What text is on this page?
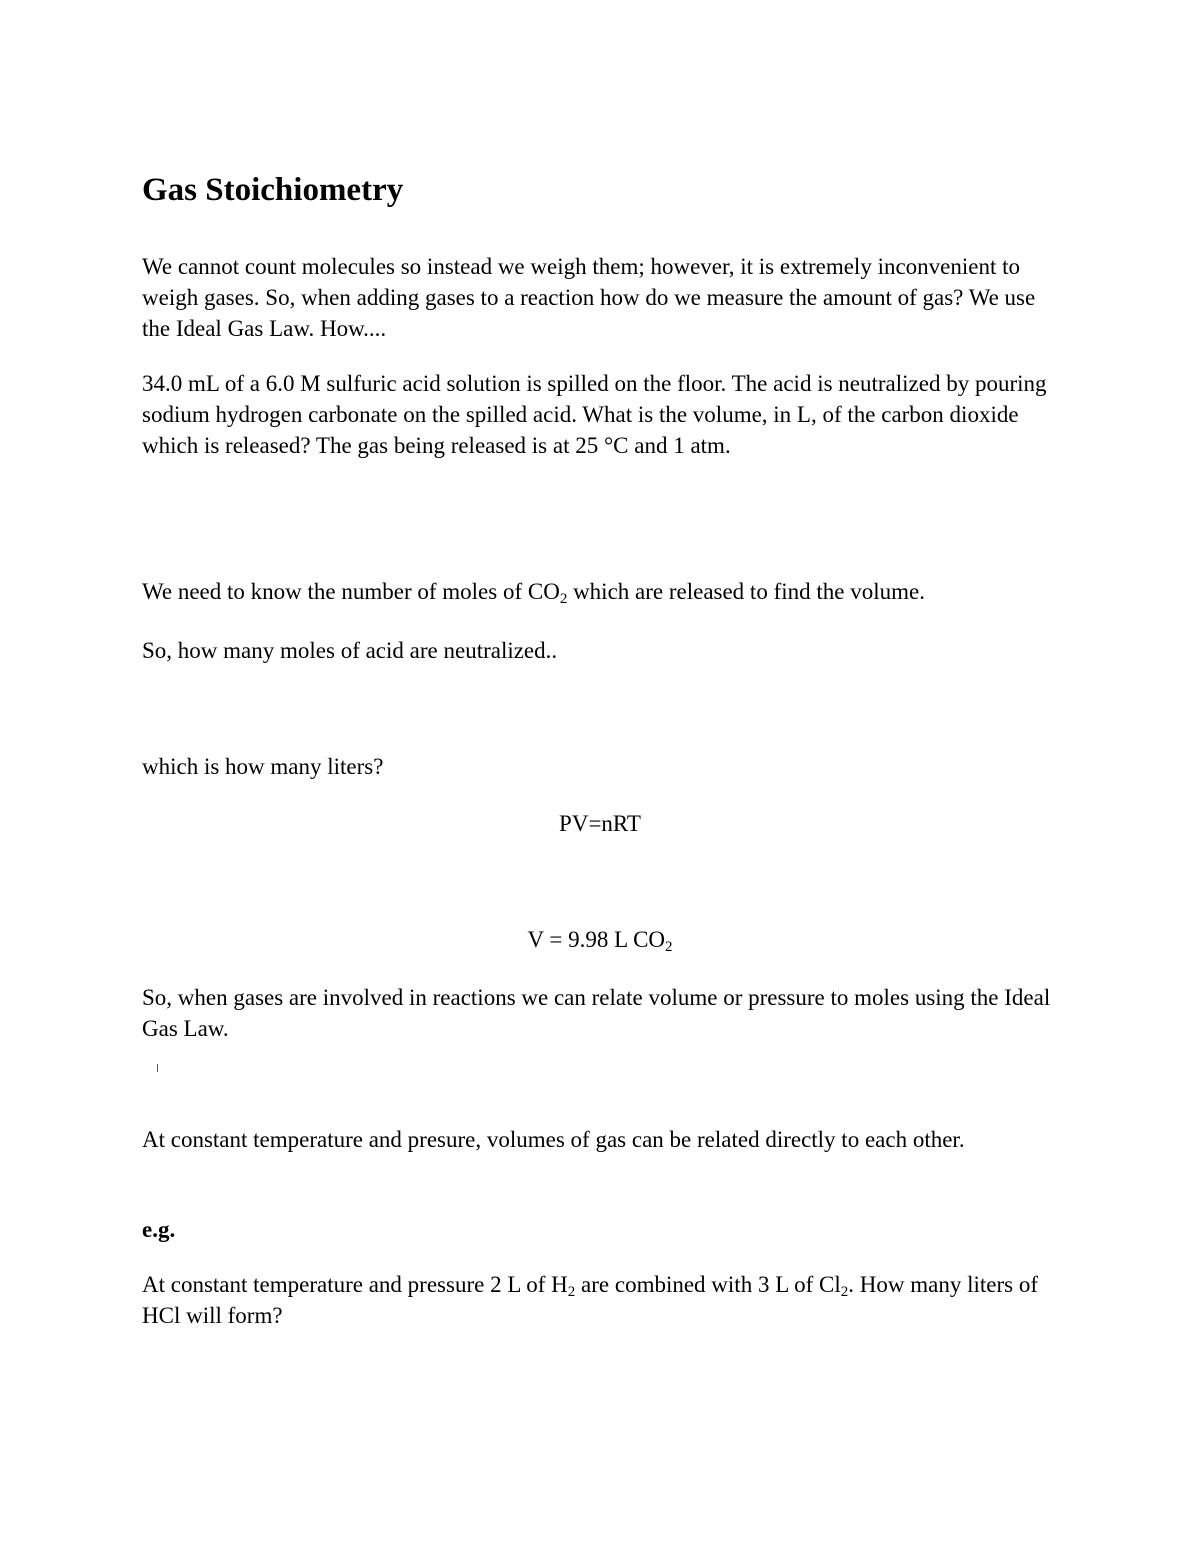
Gas Stoichiometry

We cannot count molecules so instead we weigh them; however, it is extremely inconvenient to weigh gases. So, when adding gases to a reaction how do we measure the amount of gas? We use the Ideal Gas Law. How....

34.0 mL of a 6.0 M sulfuric acid solution is spilled on the floor. The acid is neutralized by pouring sodium hydrogen carbonate on the spilled acid. What is the volume, in L, of the carbon dioxide which is released? The gas being released is at 25 °C and 1 atm.

We need to know the number of moles of $CO_2$ which are released to find the volume.

So, how many moles of acid are neutralized..

which is how many liters?

PV=nRT

V = 9.98 L $CO_2$

So, when gases are involved in reactions we can relate volume or pressure to moles using the Ideal Gas Law.

At constant temperature and presure, volumes of gas can be related directly to each other.

e.g.

At constant temperature and pressure 2 L of $H_2$ are combined with 3 L of $Cl_2$. How many liters of HCl will form?
